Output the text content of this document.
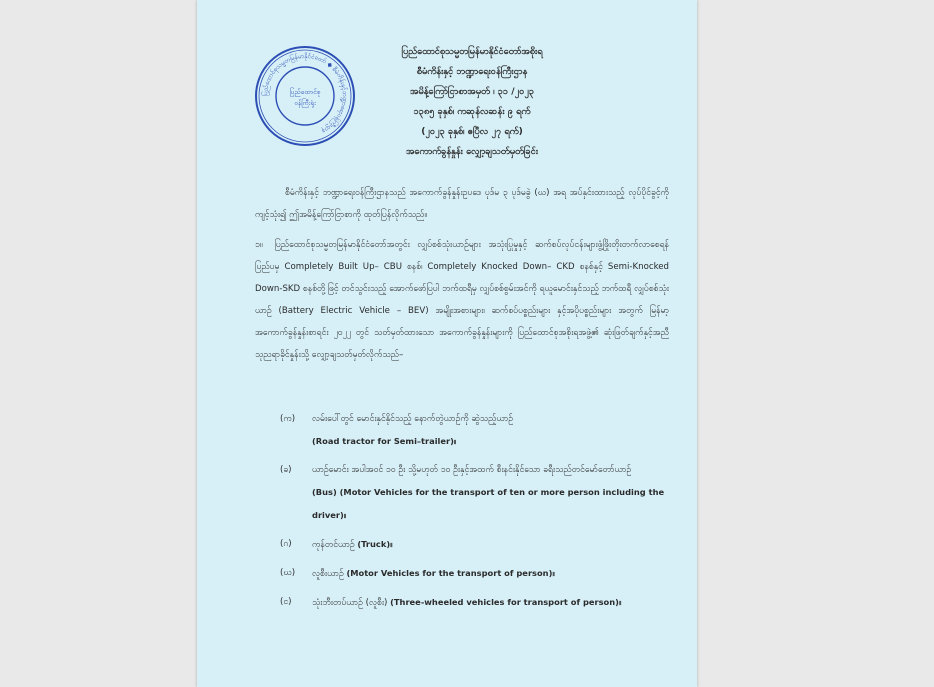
ပြည်ထောင်စုသမ္မတမြန်မာနိုင်ငံတော် ◆ စီမံကိန်းနှင့်ဘဏ္ဍာရေးဝန်ကြီးဌာန
ပြည်ထောင်စု
ဝန်ကြီးရုံး
ပြည်ထောင်စုသမ္မတမြန်မာနိုင်ငံတော်အစိုးရ
စီမံကိန်းနှင့် ဘဏ္ဍာရေးဝန်ကြီးဌာန
အမိန့်ကြော်ငြာစာအမှတ် ၊ ၃၁ /၂၀၂၃
၁၃၈၅ ခုနှစ်၊ ကဆုန်လဆန်း ၉ ရက်
(၂၀၂၃ ခုနှစ်၊ ဧပြီလ ၂၇ ရက်)
အကောက်ခွန်နှုန်း လျှော့ချသတ်မှတ်ခြင်း
စီမံကိန်းနှင့် ဘဏ္ဍာရေးဝန်ကြီးဌာနသည် အကောက်ခွန်နှုန်းဥပဒေ ပုဒ်မ ၃ ပုဒ်မခွဲ (ဃ) အရ အပ်နှင်းထားသည့် လုပ်ပိုင်ခွင့်ကို ကျင့်သုံး၍ ဤအမိန့်ကြော်ငြာစာကို ထုတ်ပြန်လိုက်သည်။
၁။ ပြည်ထောင်စုသမ္မတမြန်မာနိုင်ငံတော်အတွင်း လျှပ်စစ်သုံးယာဉ်များ အသုံးပြုမှုနှင့် ဆက်စပ်လုပ်ငန်းများဖွံ့ဖြိုးတိုးတက်လာစေရန် ပြည်ပမှ Completely Built Up– CBU စနစ်၊ Completely Knocked Down– CKD စနစ်နှင့် Semi-Knocked Down-SKD စနစ်တို့ဖြင့် တင်သွင်းသည့် အောက်ဖော်ပြပါ ဘက်ထရီမှ လျှပ်စစ်စွမ်းအင်ကို ရယူမောင်းနှင်သည့် ဘက်ထရီ လျှပ်စစ်သုံးယာဉ် (Battery Electric Vehicle – BEV) အမျိုးအစားများ၊ ဆက်စပ်ပစ္စည်းများ နှင့်အပိုပစ္စည်းများ အတွက် မြန်မာ့အကောက်ခွန်နှုန်းစာရင်း ၂၀၂၂ တွင် သတ်မှတ်ထားသော အကောက်ခွန်နှုန်းများကို ပြည်ထောင်စုအစိုးရအဖွဲ့၏ ဆုံးဖြတ်ချက်နှင့်အညီ သုညရာခိုင်နှုန်းသို့ လျှော့ချသတ်မှတ်လိုက်သည်–
(က)	လမ်းပေါ်တွင် မောင်းနှင်နိုင်သည့် နောက်တွဲယာဉ်ကို ဆွဲသည့်ယာဉ်
(Road tractor for Semi–trailer)။
(ခ)	ယာဉ်မောင်း အပါအဝင် ၁၀ ဦး သို့မဟုတ် ၁၀ ဦးနှင့်အထက် စီးနင်းနိုင်သော ခရီးသည်တင်မော်တော်ယာဉ်
(Bus) (Motor Vehicles for the transport of ten or more person including the driver)။
(ဂ)	ကုန်တင်ယာဉ် (Truck)။
(ဃ)	လူစီးယာဉ် (Motor Vehicles for the transport of person)။
(င)	သုံးဘီးတပ်ယာဉ် (လူစီး) (Three-wheeled vehicles for transport of person)။
